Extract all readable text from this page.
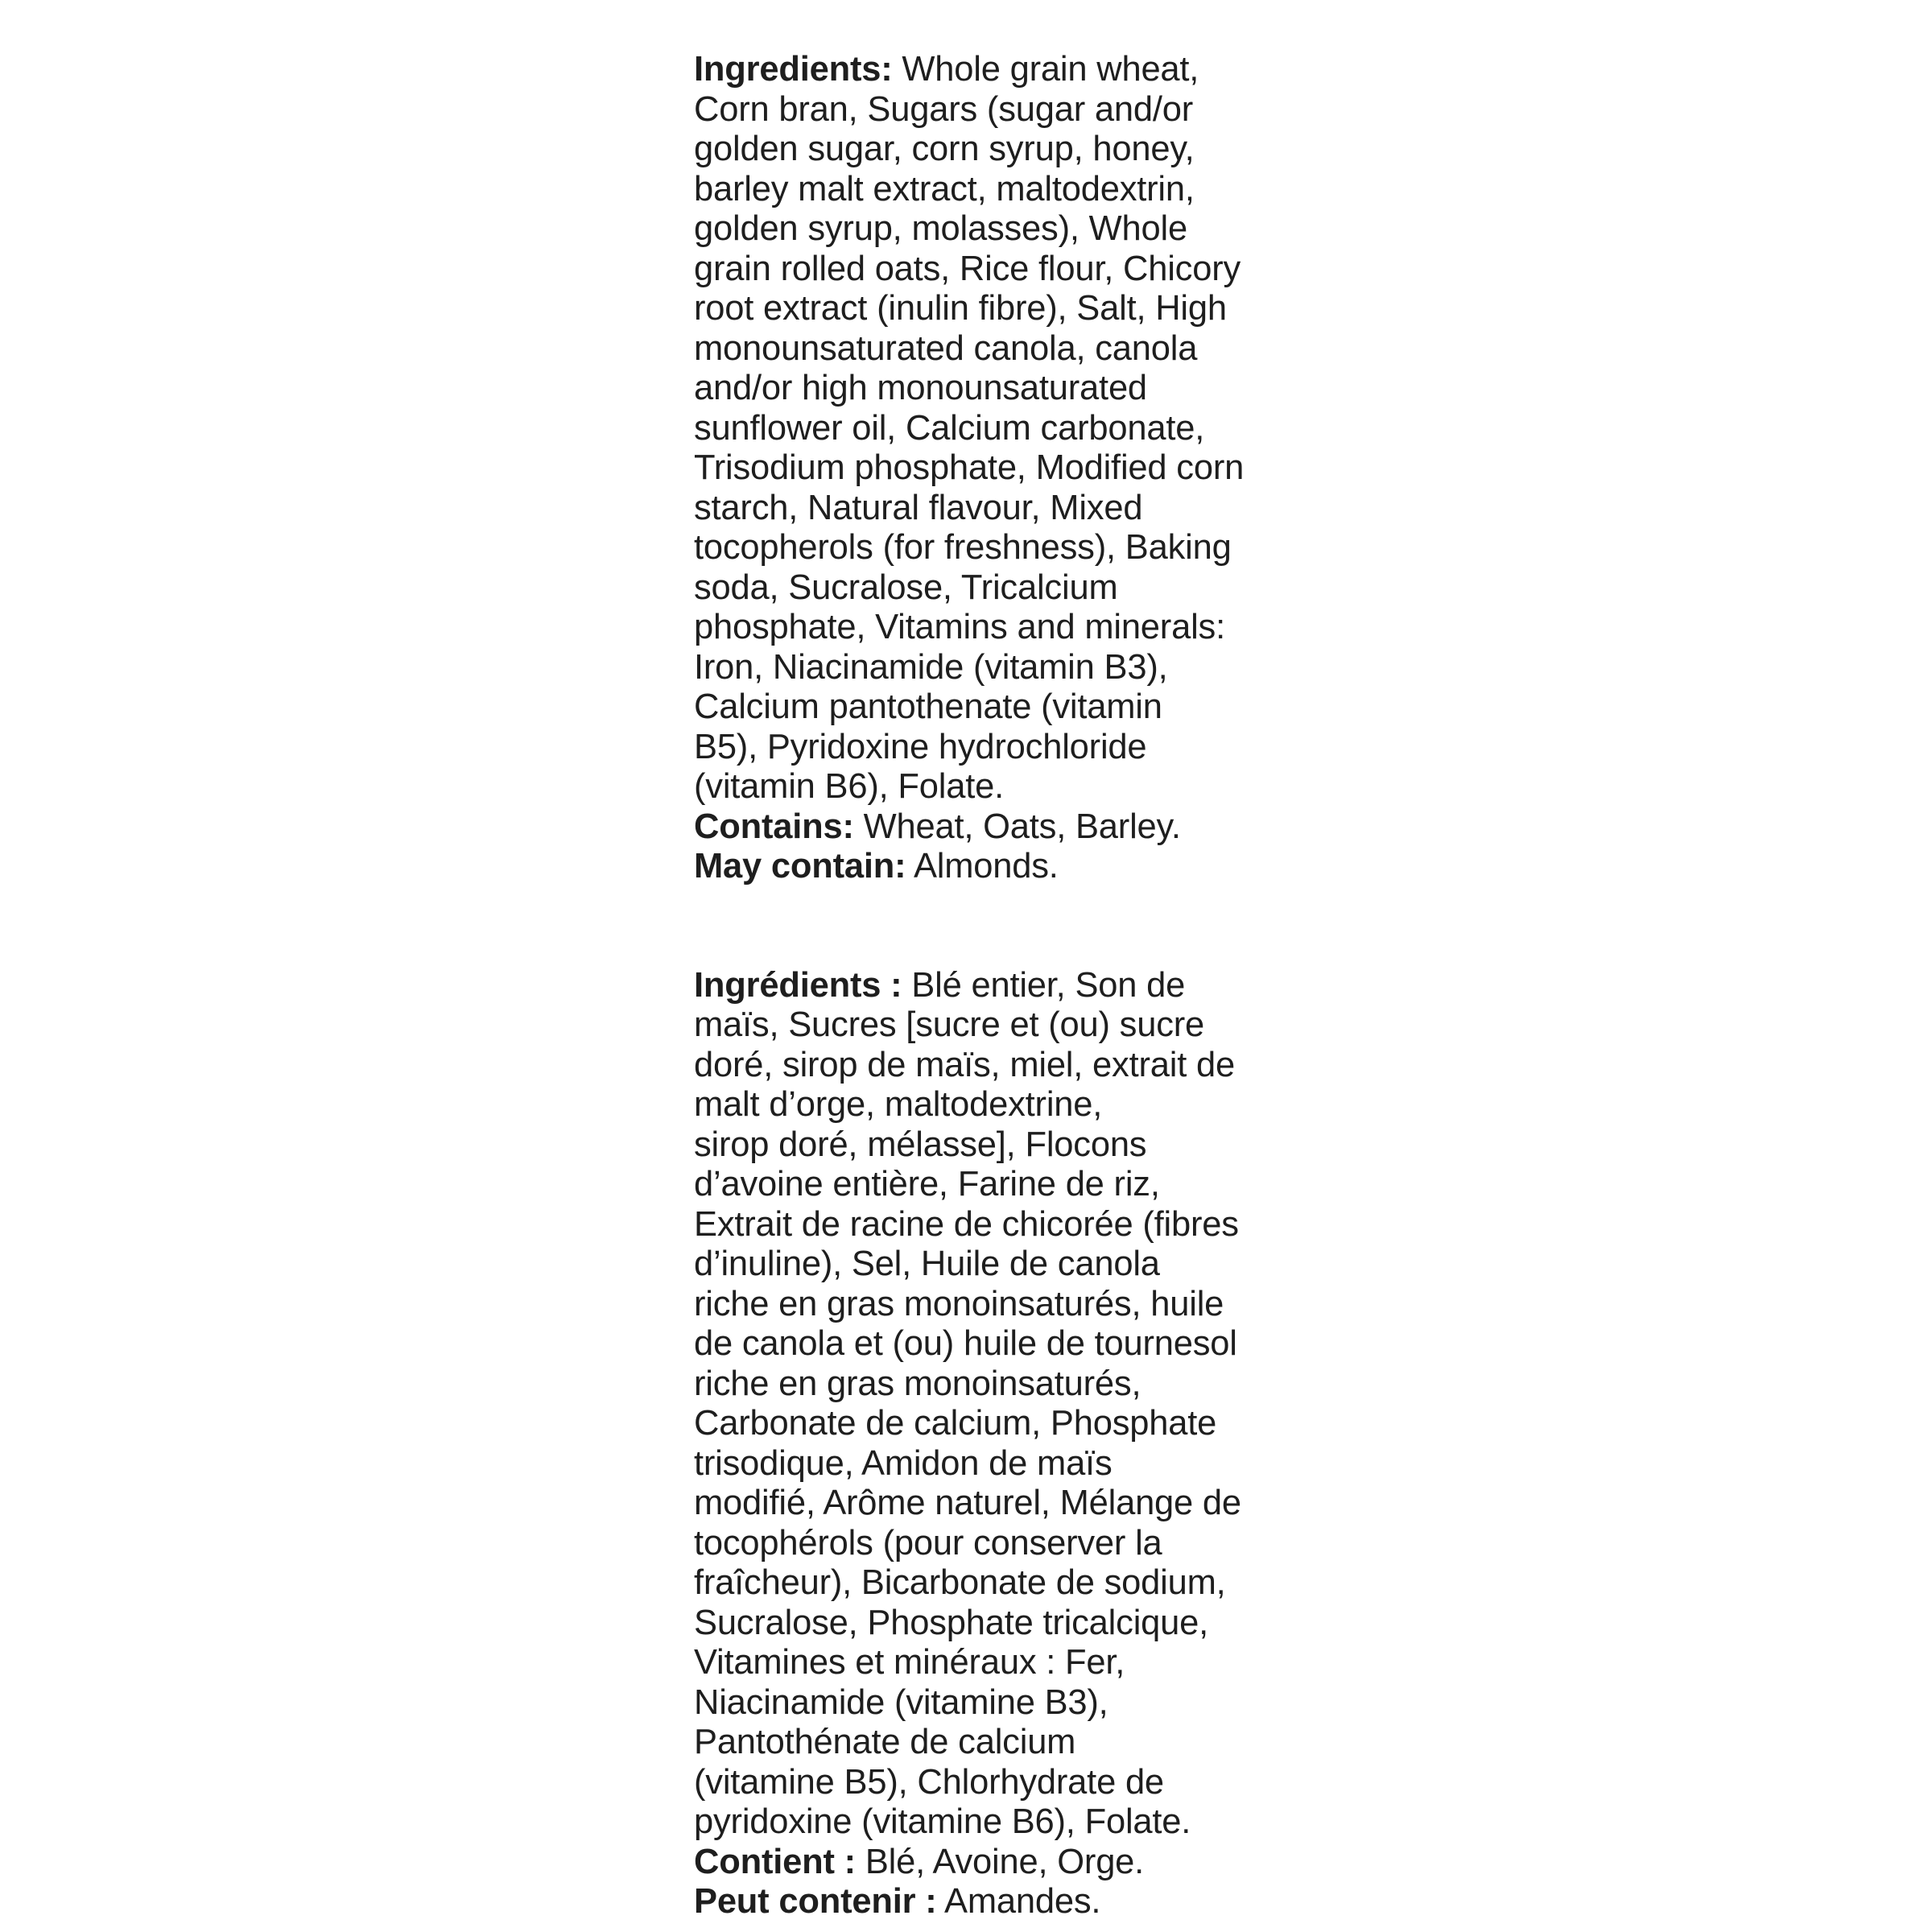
Ingredients: Whole grain wheat,
Corn bran, Sugars (sugar and/or
golden sugar, corn syrup, honey,
barley malt extract, maltodextrin,
golden syrup, molasses), Whole
grain rolled oats, Rice flour, Chicory
root extract (inulin fibre), Salt, High
monounsaturated canola, canola
and/or high monounsaturated
sunflower oil, Calcium carbonate,
Trisodium phosphate, Modified corn
starch, Natural flavour, Mixed
tocopherols (for freshness), Baking
soda, Sucralose, Tricalcium
phosphate, Vitamins and minerals:
Iron, Niacinamide (vitamin B3),
Calcium pantothenate (vitamin
B5), Pyridoxine hydrochloride
(vitamin B6), Folate.
Contains: Wheat, Oats, Barley.
May contain: Almonds.
Ingrédients : Blé entier, Son de
maïs, Sucres [sucre et (ou) sucre
doré, sirop de maïs, miel, extrait de
malt d’orge, maltodextrine,
sirop doré, mélasse], Flocons
d’avoine entière, Farine de riz,
Extrait de racine de chicorée (fibres
d’inuline), Sel, Huile de canola
riche en gras monoinsaturés, huile
de canola et (ou) huile de tournesol
riche en gras monoinsaturés,
Carbonate de calcium, Phosphate
trisodique, Amidon de maïs
modifié, Arôme naturel, Mélange de
tocophérols (pour conserver la
fraîcheur), Bicarbonate de sodium,
Sucralose, Phosphate tricalcique,
Vitamines et minéraux : Fer,
Niacinamide (vitamine B3),
Pantothénate de calcium
(vitamine B5), Chlorhydrate de
pyridoxine (vitamine B6), Folate.
Contient : Blé, Avoine, Orge.
Peut contenir : Amandes.
